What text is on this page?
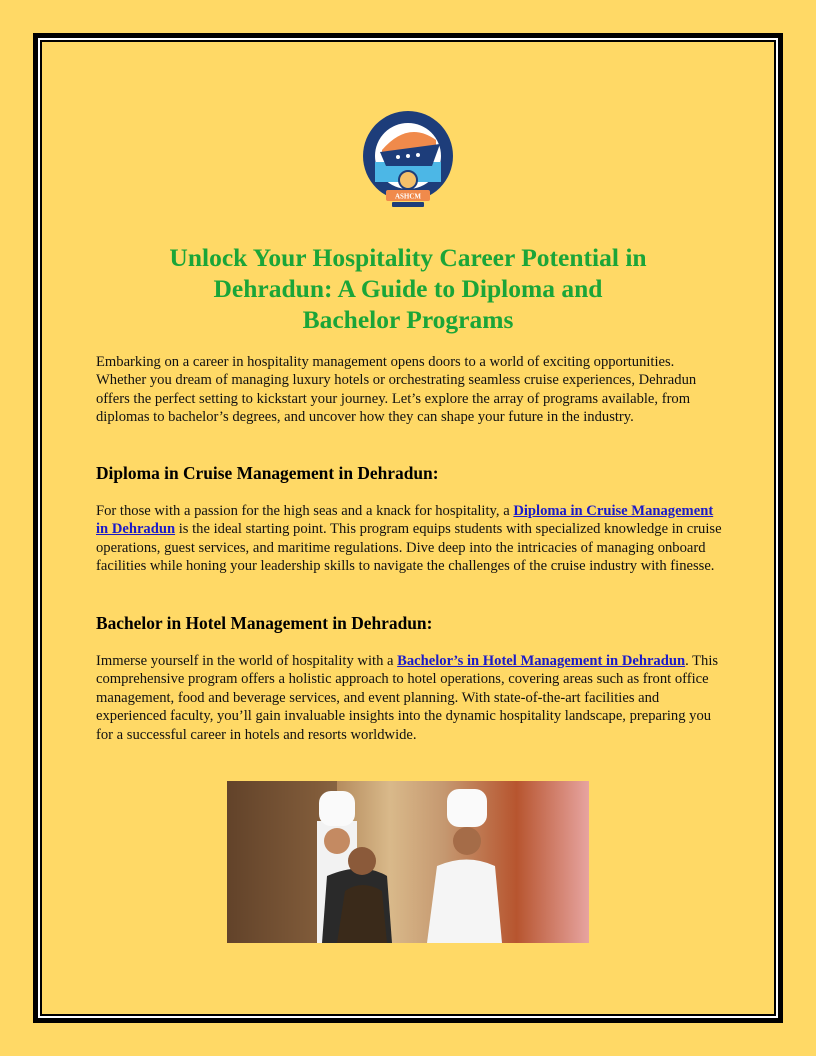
ASHCM
Unlock Your Hospitality Career Potential in
Dehradun: A Guide to Diploma and
Bachelor Programs

Embarking on a career in hospitality management opens doors to a world of exciting opportunities. Whether you dream of managing luxury hotels or orchestrating seamless cruise experiences, Dehradun offers the perfect setting to kickstart your journey. Let’s explore the array of programs available, from diplomas to bachelor’s degrees, and uncover how they can shape your future in the industry.

Diploma in Cruise Management in Dehradun:

For those with a passion for the high seas and a knack for hospitality, a Diploma in Cruise Management in Dehradun is the ideal starting point. This program equips students with specialized knowledge in cruise operations, guest services, and maritime regulations. Dive deep into the intricacies of managing onboard facilities while honing your leadership skills to navigate the challenges of the cruise industry with finesse.

Bachelor in Hotel Management in Dehradun:

Immerse yourself in the world of hospitality with a Bachelor’s in Hotel Management in Dehradun. This comprehensive program offers a holistic approach to hotel operations, covering areas such as front office management, food and beverage services, and event planning. With state-of-the-art facilities and experienced faculty, you’ll gain invaluable insights into the dynamic hospitality landscape, preparing you for a successful career in hotels and resorts worldwide.
